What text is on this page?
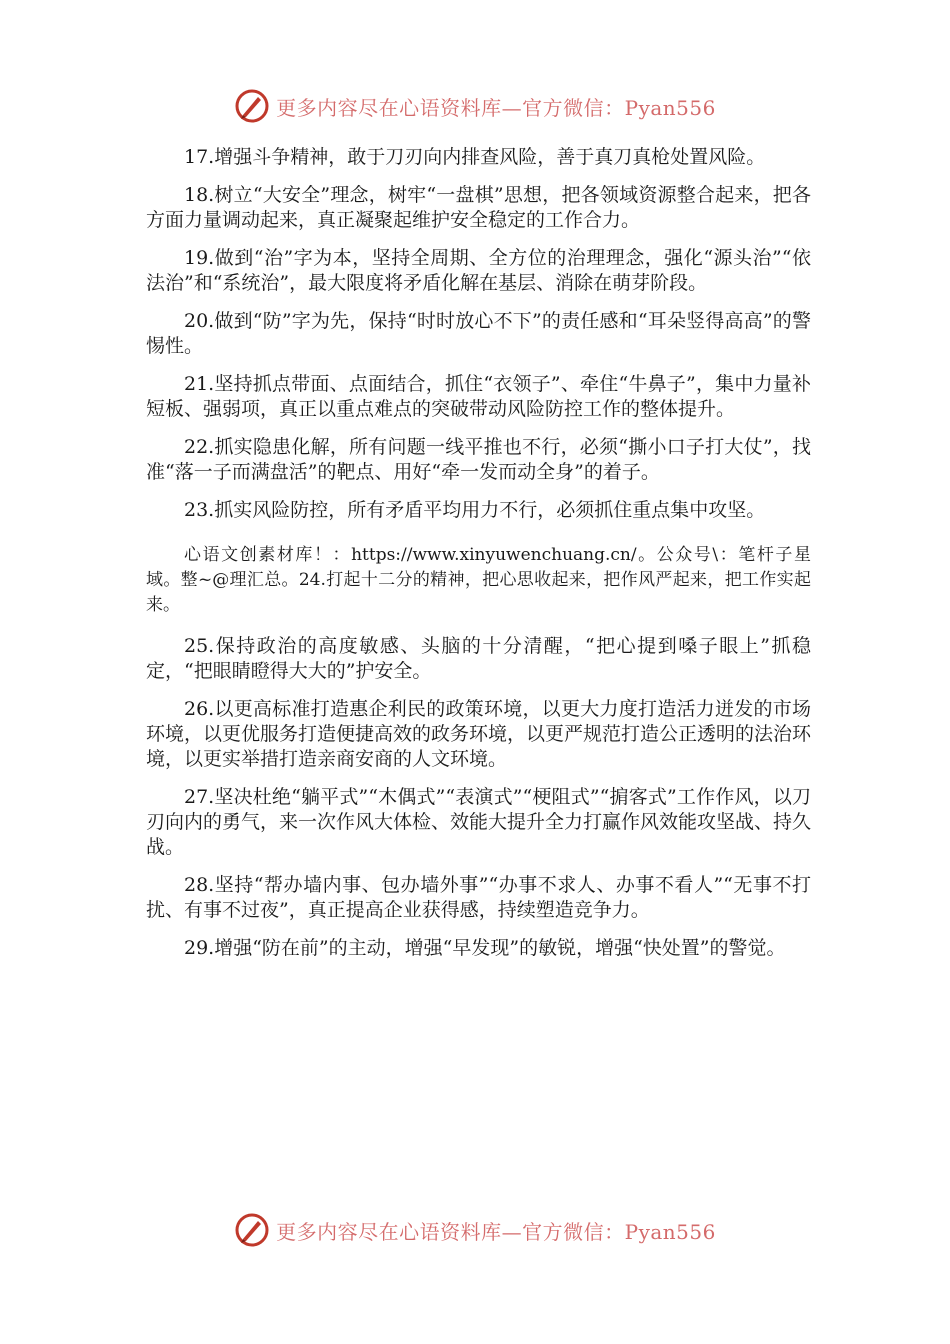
更多内容尽在心语资料库—官方微信：Pyan556

17.增强斗争精神，敢于刀刃向内排查风险，善于真刀真枪处置风险。

18.树立“大安全”理念，树牢“一盘棋”思想，把各领域资源整合起来，把各方面力量调动起来，真正凝聚起维护安全稳定的工作合力。

19.做到“治”字为本，坚持全周期、全方位的治理理念，强化“源头治”“依法治”和“系统治”，最大限度将矛盾化解在基层、消除在萌芽阶段。

20.做到“防”字为先，保持“时时放心不下”的责任感和“耳朵竖得高高”的警惕性。

21.坚持抓点带面、点面结合，抓住“衣领子”、牵住“牛鼻子”，集中力量补短板、强弱项，真正以重点难点的突破带动风险防控工作的整体提升。

22.抓实隐患化解，所有问题一线平推也不行，必须“撕小口子打大仗”，找准“落一子而满盘活”的靶点、用好“牵一发而动全身”的着子。

23.抓实风险防控，所有矛盾平均用力不行，必须抓住重点集中攻坚。

心语文创素材库！：https://www.xinyuwenchuang.cn/。公众号\：笔杆子星域。整~@理汇总。24.打起十二分的精神，把心思收起来，把作风严起来，把工作实起来。

25.保持政治的高度敏感、头脑的十分清醒，“把心提到嗓子眼上”抓稳定，“把眼睛瞪得大大的”护安全。

26.以更高标准打造惠企利民的政策环境，以更大力度打造活力迸发的市场环境，以更优服务打造便捷高效的政务环境，以更严规范打造公正透明的法治环境，以更实举措打造亲商安商的人文环境。

27.坚决杜绝“躺平式”“木偶式”“表演式”“梗阻式”“掮客式”工作作风，以刀刃向内的勇气，来一次作风大体检、效能大提升全力打赢作风效能攻坚战、持久战。

28.坚持“帮办墙内事、包办墙外事”“办事不求人、办事不看人”“无事不打扰、有事不过夜”，真正提高企业获得感，持续塑造竞争力。

29.增强“防在前”的主动，增强“早发现”的敏锐，增强“快处置”的警觉。

更多内容尽在心语资料库—官方微信：Pyan556
